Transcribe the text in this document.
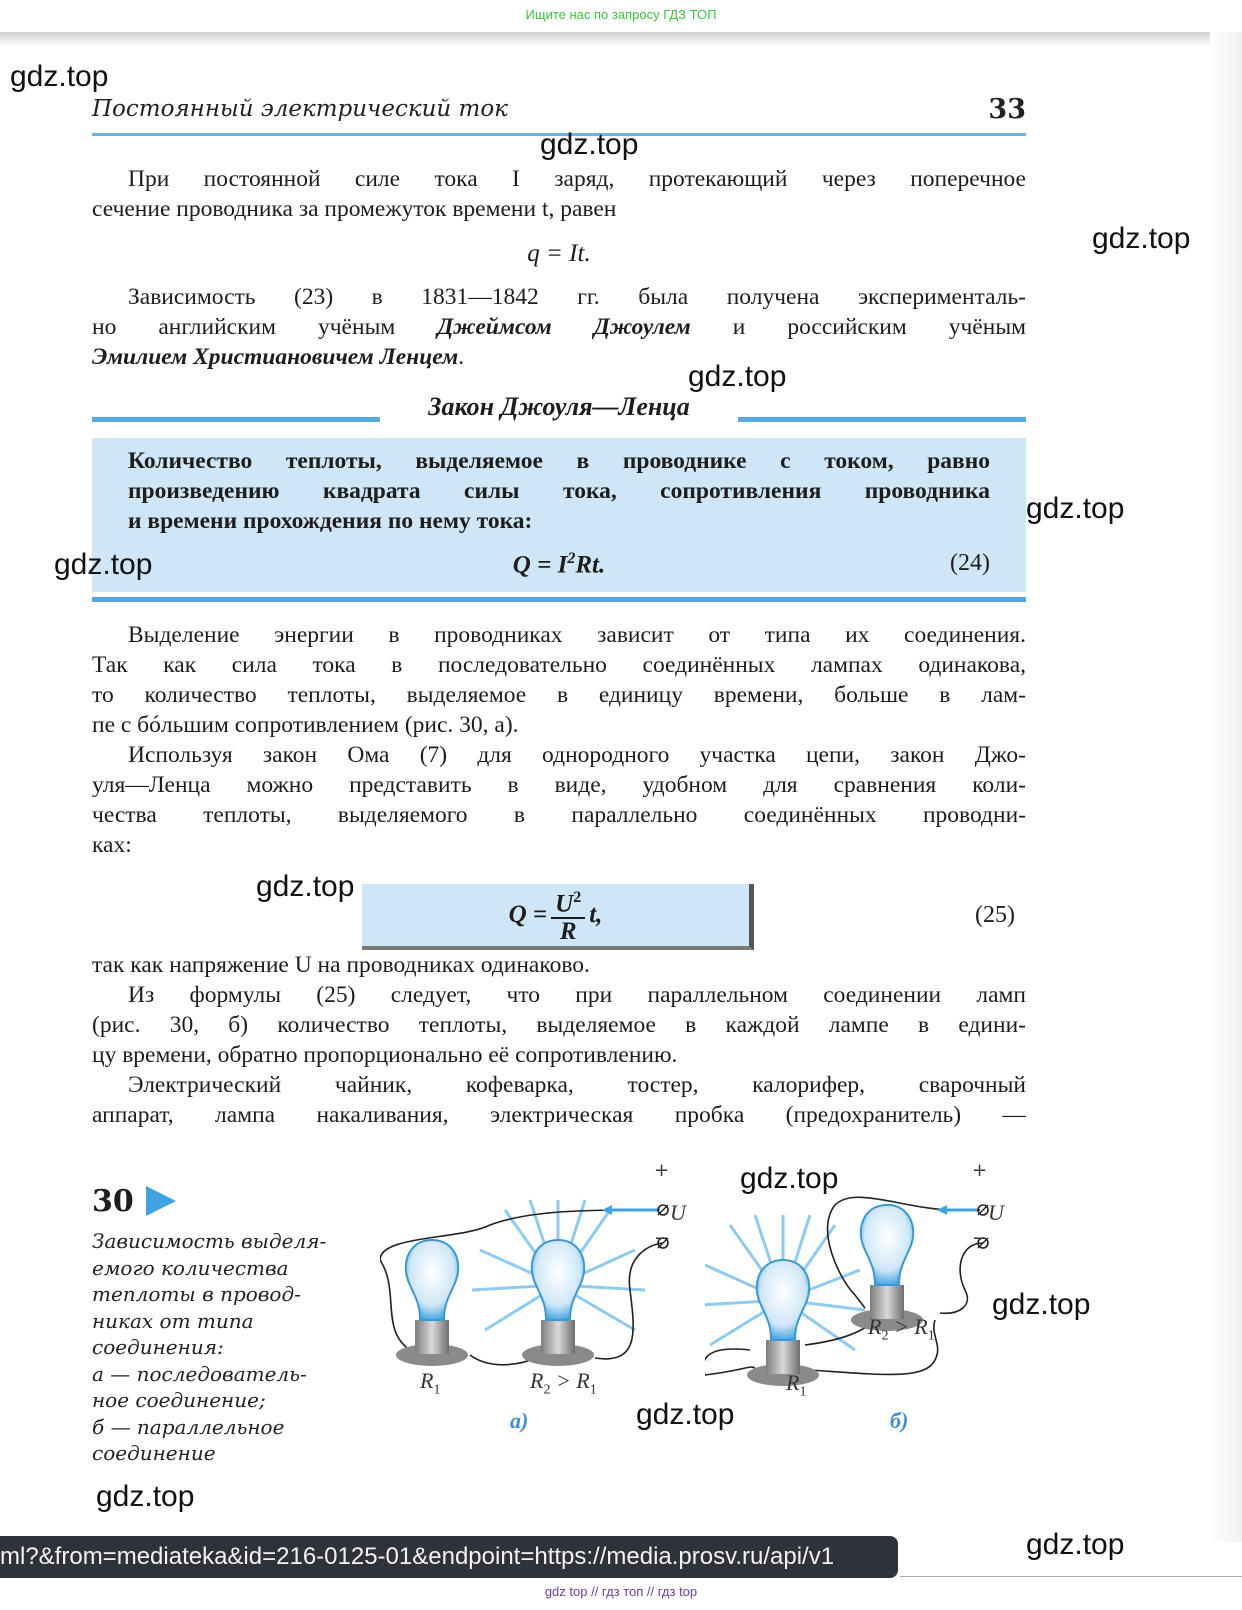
Ищите нас по запросу ГДЗ ТОП
Постоянный электрический ток	33
При постоянной силе тока I заряд, протекающий через поперечное
сечение проводника за промежуток времени t, равен
q = It.
Зависимость (23) в 1831—1842 гг. была получена эксперименталь-
но английским учёным Джеймсом Джоулем и российским учёным
Эмилием Христиановичем Ленцем.
Закон Джоуля—Ленца
Количество теплоты, выделяемое в проводнике с током, равно
произведению квадрата силы тока, сопротивления проводника
и времени прохождения по нему тока:
$Q = I^2Rt$.	(24)
Выделение энергии в проводниках зависит от типа их соединения.
Так как сила тока в последовательно соединённых лампах одинакова,
то количество теплоты, выделяемое в единицу времени, больше в лам-
пе с бóльшим сопротивлением (рис. 30, а).
Используя закон Ома (7) для однородного участка цепи, закон Джо-
уля—Ленца можно представить в виде, удобном для сравнения коли-
чества теплоты, выделяемого в параллельно соединённых проводни-
ках:
$Q = \frac{U^2}{R} t$,	(25)
так как напряжение U на проводниках одинаково.
Из формулы (25) следует, что при параллельном соединении ламп
(рис. 30, б) количество теплоты, выделяемое в каждой лампе в едини-
цу времени, обратно пропорционально её сопротивлению.
Электрический чайник, кофеварка, тостер, калорифер, сварочный
аппарат, лампа накаливания, электрическая пробка (предохранитель) —
30
Зависимость выделя-
емого количества
теплоты в провод-
никах от типа
соединения:
а — последователь-
ное соединение;
б — параллельное
соединение
+
−
U
$R_1$	$R_2 > R_1$
а)
+
−
U
$R_2 > R_1$
$R_1$
б)
gdz.top
gdz.top
gdz.top
gdz.top
gdz.top
gdz.top
gdz.top
gdz.top
gdz.top
gdz.top
gdz.top
gdz.top
ml?&from=mediateka&id=216-0125-01&endpoint=https://media.prosv.ru/api/v1
gdz top // гдз топ // гдз top
